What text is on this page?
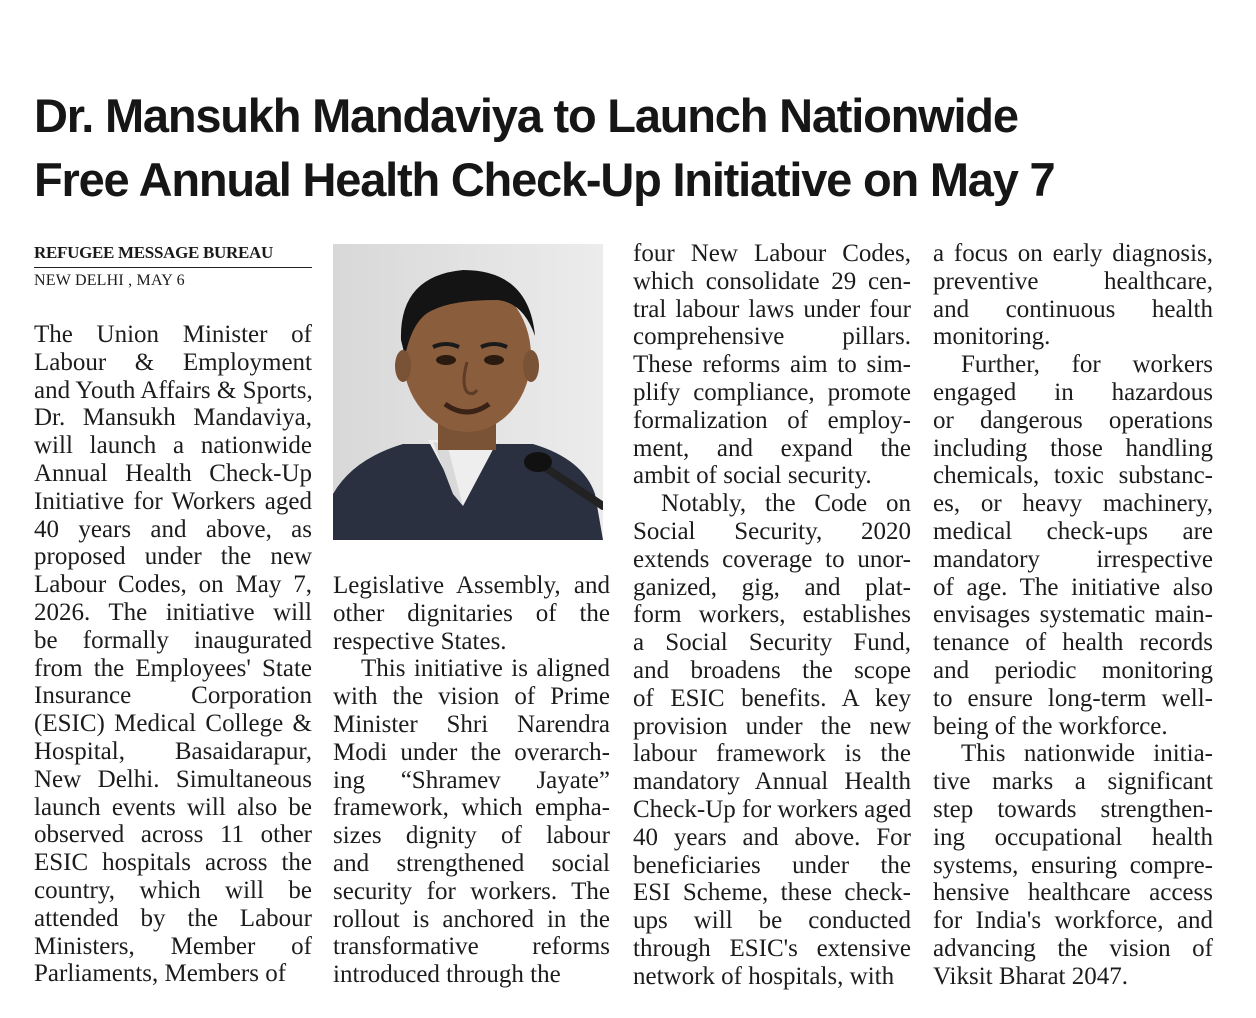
Dr. Mansukh Mandaviya to Launch Nationwide
Free Annual Health Check-Up Initiative on May 7
REFUGEE MESSAGE BUREAU
NEW DELHI , MAY 6
The Union Minister of
Labour & Employment
and Youth Affairs & Sports,
Dr. Mansukh Mandaviya,
will launch a nationwide
Annual Health Check-Up
Initiative for Workers aged
40 years and above, as
proposed under the new
Labour Codes, on May 7,
2026. The initiative will
be formally inaugurated
from the Employees' State
Insurance Corporation
(ESIC) Medical College &
Hospital, Basaidarapur,
New Delhi. Simultaneous
launch events will also be
observed across 11 other
ESIC hospitals across the
country, which will be
attended by the Labour
Ministers, Member of
Parliaments, Members of
Legislative Assembly, and
other dignitaries of the
respective States.
This initiative is aligned
with the vision of Prime
Minister Shri Narendra
Modi under the overarch-
ing “Shramev Jayate”
framework, which empha-
sizes dignity of labour
and strengthened social
security for workers. The
rollout is anchored in the
transformative reforms
introduced through the
four New Labour Codes,
which consolidate 29 cen-
tral labour laws under four
comprehensive pillars.
These reforms aim to sim-
plify compliance, promote
formalization of employ-
ment, and expand the
ambit of social security.
Notably, the Code on
Social Security, 2020
extends coverage to unor-
ganized, gig, and plat-
form workers, establishes
a Social Security Fund,
and broadens the scope
of ESIC benefits. A key
provision under the new
labour framework is the
mandatory Annual Health
Check-Up for workers aged
40 years and above. For
beneficiaries under the
ESI Scheme, these check-
ups will be conducted
through ESIC's extensive
network of hospitals, with
a focus on early diagnosis,
preventive healthcare,
and continuous health
monitoring.
Further, for workers
engaged in hazardous
or dangerous operations
including those handling
chemicals, toxic substanc-
es, or heavy machinery,
medical check-ups are
mandatory irrespective
of age. The initiative also
envisages systematic main-
tenance of health records
and periodic monitoring
to ensure long-term well-
being of the workforce.
This nationwide initia-
tive marks a significant
step towards strengthen-
ing occupational health
systems, ensuring compre-
hensive healthcare access
for India's workforce, and
advancing the vision of
Viksit Bharat 2047.
